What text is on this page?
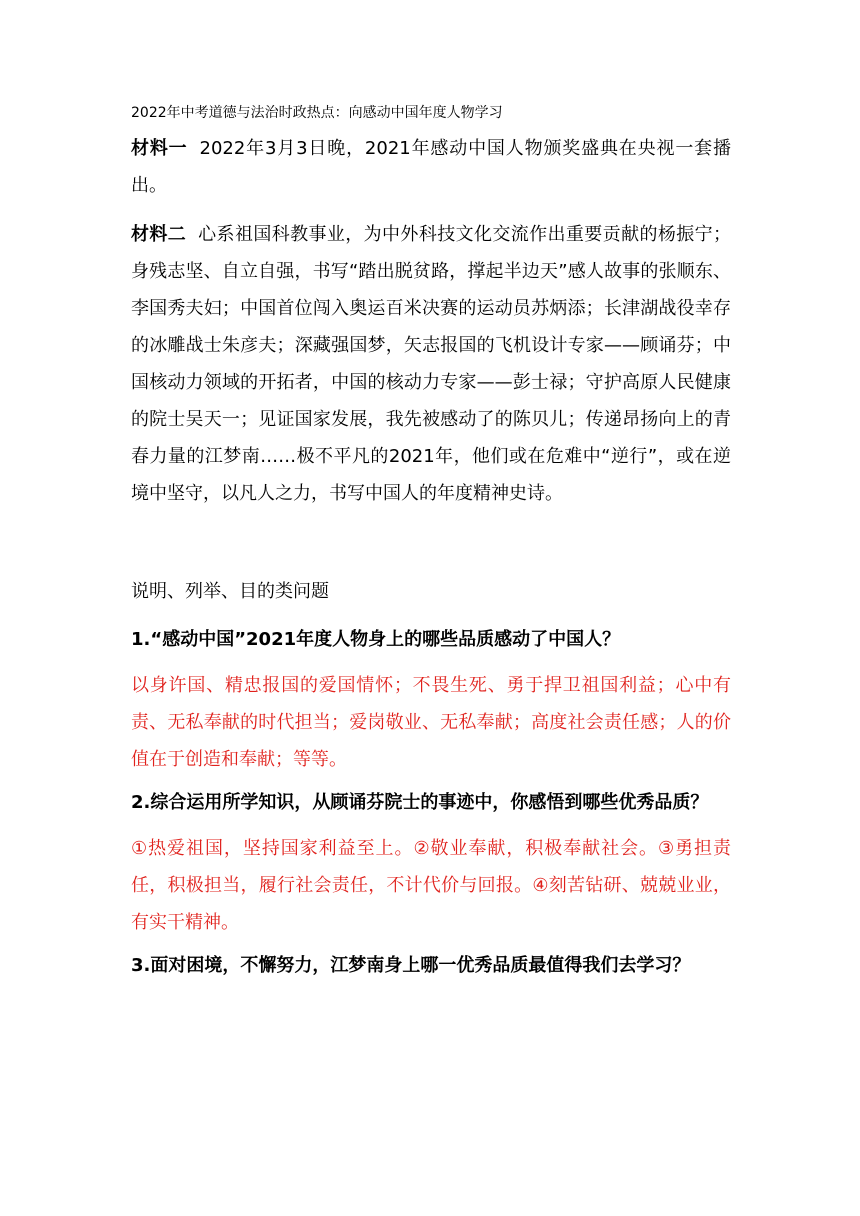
2022年中考道德与法治时政热点：向感动中国年度人物学习

材料一 2022年3月3日晚，2021年感动中国人物颁奖盛典在央视一套播出。

材料二 心系祖国科教事业，为中外科技文化交流作出重要贡献的杨振宁；身残志坚、自立自强，书写“踏出脱贫路，撑起半边天”感人故事的张顺东、李国秀夫妇；中国首位闯入奥运百米决赛的运动员苏炳添；长津湖战役幸存的冰雕战士朱彦夫；深藏强国梦，矢志报国的飞机设计专家——顾诵芬；中国核动力领域的开拓者，中国的核动力专家——彭士禄；守护高原人民健康的院士吴天一；见证国家发展，我先被感动了的陈贝儿；传递昂扬向上的青春力量的江梦南……极不平凡的2021年，他们或在危难中“逆行”，或在逆境中坚守，以凡人之力，书写中国人的年度精神史诗。

说明、列举、目的类问题

1.“感动中国”2021年度人物身上的哪些品质感动了中国人？

以身许国、精忠报国的爱国情怀；不畏生死、勇于捍卫祖国利益；心中有责、无私奉献的时代担当；爱岗敬业、无私奉献；高度社会责任感；人的价值在于创造和奉献；等等。

2.综合运用所学知识，从顾诵芬院士的事迹中，你感悟到哪些优秀品质？

①热爱祖国，坚持国家利益至上。②敬业奉献，积极奉献社会。③勇担责任，积极担当，履行社会责任，不计代价与回报。④刻苦钻研、兢兢业业，有实干精神。

3.面对困境，不懈努力，江梦南身上哪一优秀品质最值得我们去学习？
